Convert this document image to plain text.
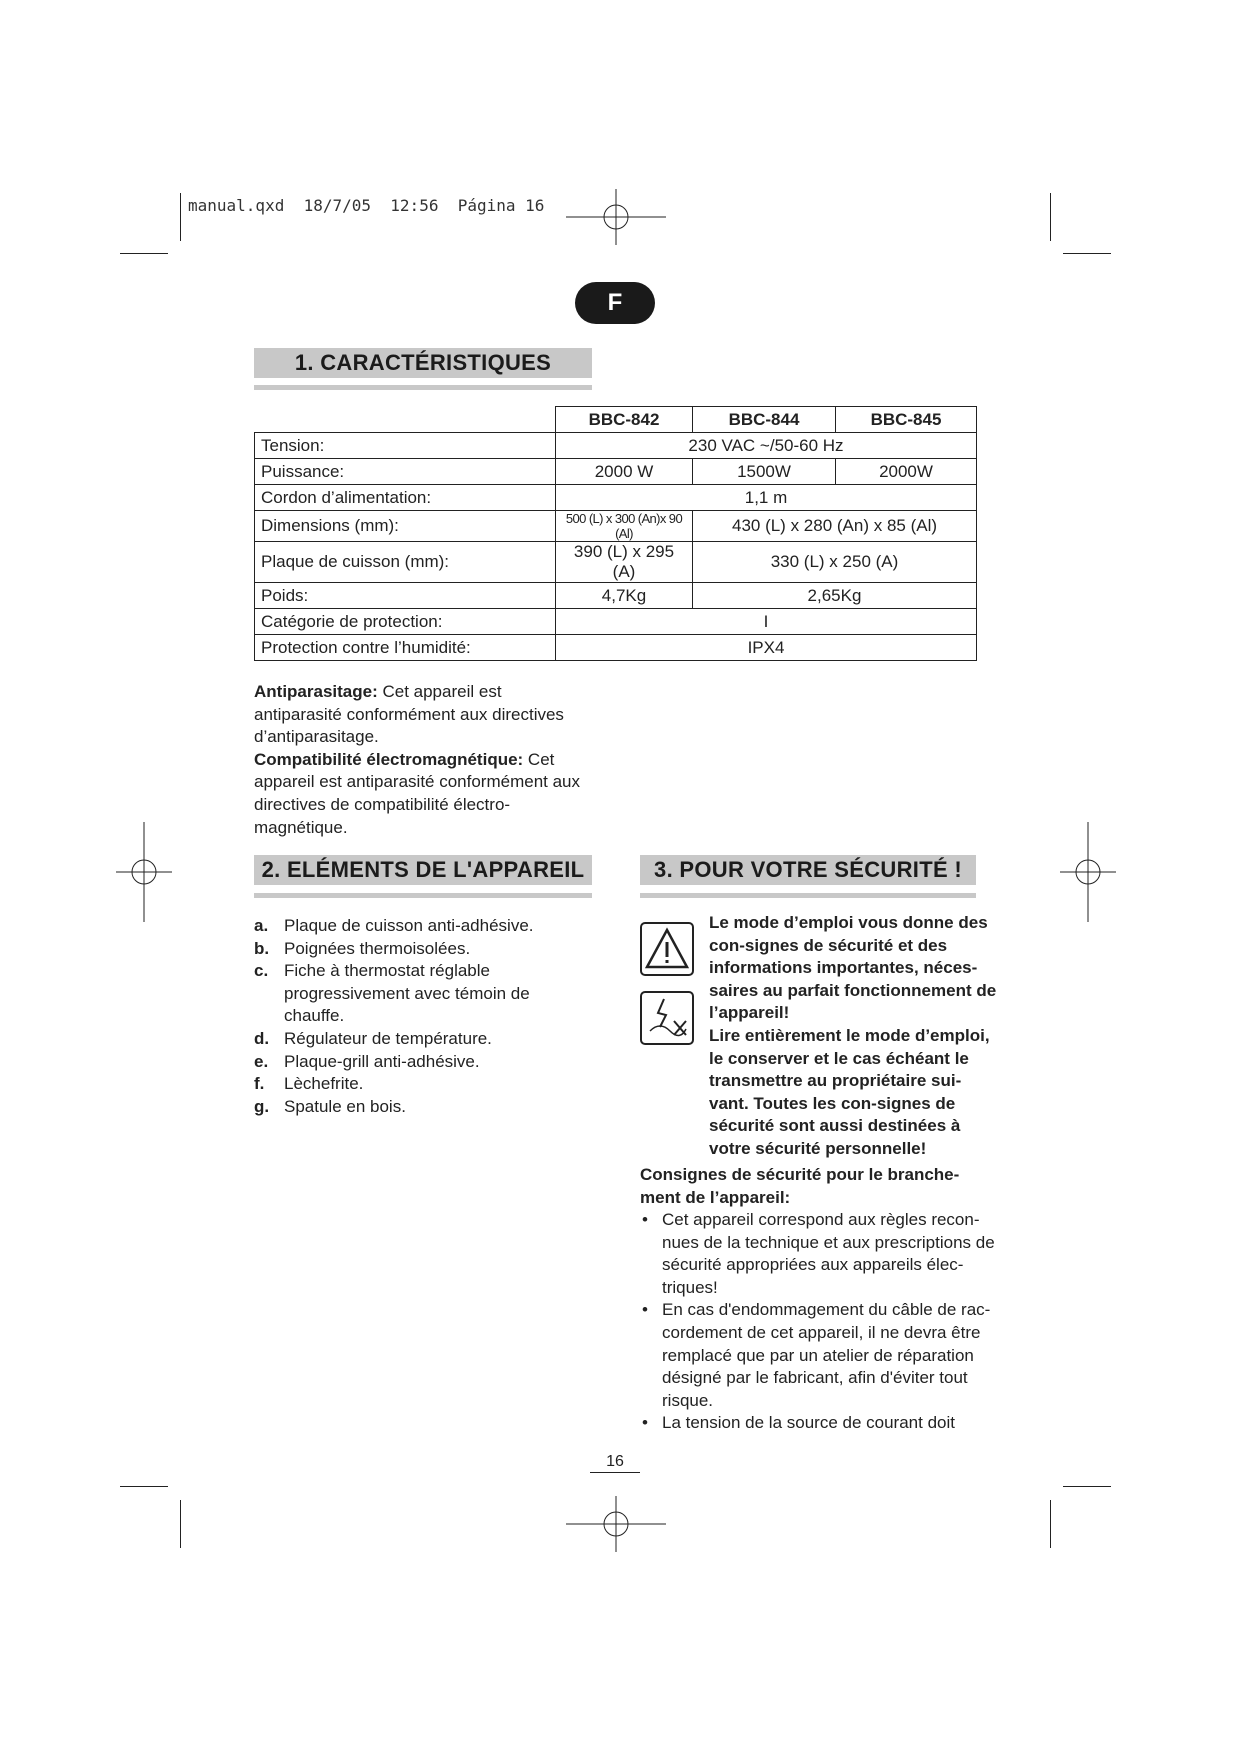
manual.qxd  18/7/05  12:56  Página 16
F
1. CARACTÉRISTIQUES
	BBC-842	BBC-844	BBC-845
Tension:	230 VAC ~/50-60 Hz		
Puissance:	2000 W	1500W	2000W
Cordon d’alimentation:	1,1 m		
Dimensions (mm):	500 (L) x 300 (An)x 90 (Al)	430 (L) x 280 (An) x 85 (Al)	
Plaque de cuisson (mm):	390 (L) x 295 (A)	330 (L) x 250 (A)	
Poids:	4,7Kg	2,65Kg	
Catégorie de protection:	I		
Protection contre l’humidité:	IPX4		
Antiparasitage: Cet appareil est antiparasité conformément aux directives d’antiparasitage.
Compatibilité électromagnétique: Cet appareil est antiparasité conformément aux directives de compatibilité électro-magnétique.
2. ELÉMENTS DE L'APPAREIL
a. Plaque de cuisson anti-adhésive.
b. Poignées thermoisolées.
c. Fiche à thermostat réglable progressivement avec témoin de chauffe.
d. Régulateur de température.
e. Plaque-grill anti-adhésive.
f. Lèchefrite.
g. Spatule en bois.
3. POUR VOTRE SÉCURITÉ !
Le mode d’emploi vous donne des con-signes de sécurité et des informations importantes, néces-saires au parfait fonctionnement de l’appareil!
Lire entièrement le mode d’emploi, le conserver et le cas échéant le transmettre au propriétaire sui-vant. Toutes les con-signes de sécurité sont aussi destinées à votre sécurité personnelle!
Consignes de sécurité pour le branche-ment de l’appareil:
• Cet appareil correspond aux règles recon-nues de la technique et aux prescriptions de sécurité appropriées aux appareils élec-triques!
• En cas d'endommagement du câble de rac-cordement de cet appareil, il ne devra être remplacé que par un atelier de réparation désigné par le fabricant, afin d'éviter tout risque.
• La tension de la source de courant doit
16
